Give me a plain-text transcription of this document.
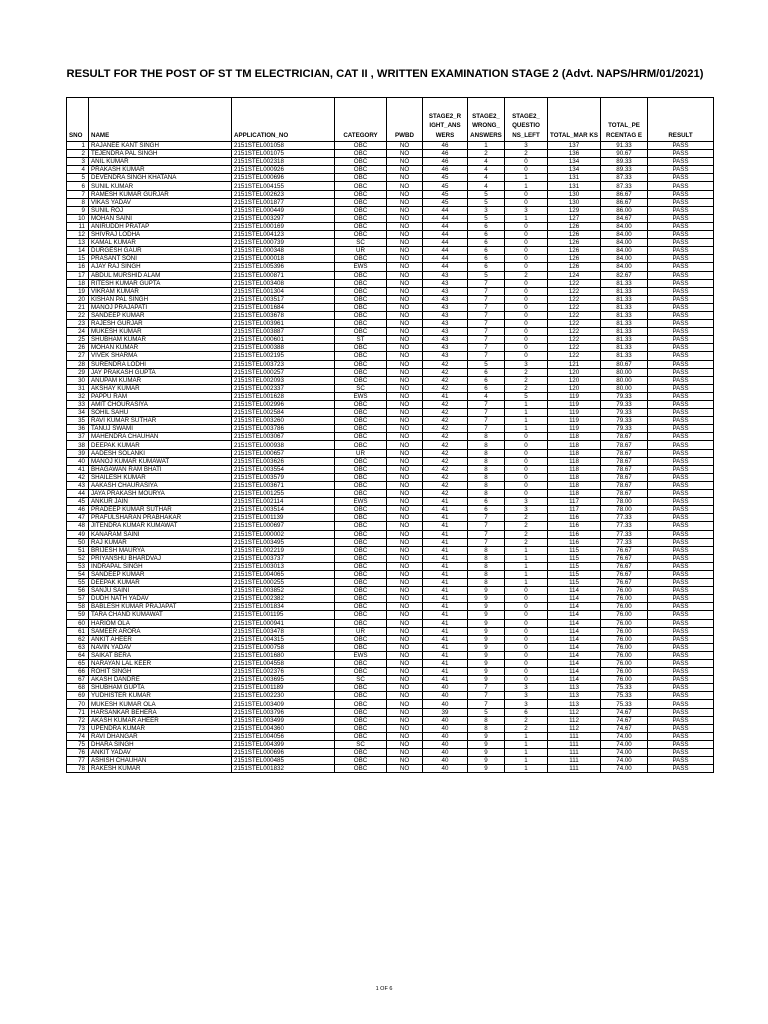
RESULT FOR THE POST OF ST TM ELECTRICIAN, CAT II , WRITTEN EXAMINATION STAGE 2 (Advt. NAPS/HRM/01/2021)
SNO	NAME	APPLICATION_NO	CATEGORY	PWBD	STAGE2_R IGHT_ANS WERS	STAGE2_ WRONG_ ANSWERS	STAGE2_ QUESTIO NS_LEFT	TOTAL_MAR KS	TOTAL_PE RCENTAG E	RESULT
1	RAJANEE KANT SINGH	2151STEL001058	OBC	NO	46	1	3	137	91.33	PASS
2	TEJENDRA PAL SINGH	2151STEL001075	OBC	NO	46	2	2	136	90.67	PASS
3	ANIL KUMAR	2151STEL002318	OBC	NO	46	4	0	134	89.33	PASS
4	PRAKASH KUMAR	2151STEL000926	OBC	NO	46	4	0	134	89.33	PASS
5	DEVENDRA SINGH KHATANA	2151STEL000696	OBC	NO	45	4	1	131	87.33	PASS
6	SUNIL KUMAR	2151STEL004155	OBC	NO	45	4	1	131	87.33	PASS
7	RAMESH KUMAR GURJAR	2151STEL002623	OBC	NO	45	5	0	130	86.67	PASS
8	VIKAS YADAV	2151STEL001877	OBC	NO	45	5	0	130	86.67	PASS
9	SUNIL ROJ	2151STEL000449	OBC	NO	44	3	3	129	86.00	PASS
10	MOHAN SAINI	2151STEL003297	OBC	NO	44	5	1	127	84.67	PASS
11	ANIRUDDH PRATAP	2151STEL000169	OBC	NO	44	6	0	126	84.00	PASS
12	SHIVRAJ LODHA	2151STEL004123	OBC	NO	44	6	0	126	84.00	PASS
13	KAMAL KUMAR	2151STEL000739	SC	NO	44	6	0	126	84.00	PASS
14	DURGESH GAUR	2151STEL000348	UR	NO	44	6	0	126	84.00	PASS
15	PRASANT SONI	2151STEL000018	OBC	NO	44	6	0	126	84.00	PASS
16	AJAY RAJ SINGH	2151STEL005396	EWS	NO	44	6	0	126	84.00	PASS
17	ABDUL MURSHID ALAM	2151STEL000871	OBC	NO	43	5	2	124	82.67	PASS
18	RITESH KUMAR GUPTA	2151STEL003408	OBC	NO	43	7	0	122	81.33	PASS
19	VIKRAM KUMAR	2151STEL001304	OBC	NO	43	7	0	122	81.33	PASS
20	KISHAN PAL SINGH	2151STEL003517	OBC	NO	43	7	0	122	81.33	PASS
21	MANOJ PRAJAPATI	2151STEL001684	OBC	NO	43	7	0	122	81.33	PASS
22	SANDEEP KUMAR	2151STEL003678	OBC	NO	43	7	0	122	81.33	PASS
23	RAJESH GURJAR	2151STEL003961	OBC	NO	43	7	0	122	81.33	PASS
24	MUKESH KUMAR	2151STEL003887	OBC	NO	43	7	0	122	81.33	PASS
25	SHUBHAM KUMAR	2151STEL000601	ST	NO	43	7	0	122	81.33	PASS
26	MOHAN KUMAR	2151STEL000388	OBC	NO	43	7	0	122	81.33	PASS
27	VIVEK SHARMA	2151STEL002195	OBC	NO	43	7	0	122	81.33	PASS
28	SURENDRA LODHI	2151STEL003723	OBC	NO	42	5	3	121	80.67	PASS
29	JAY PRAKASH GUPTA	2151STEL000257	OBC	NO	42	6	2	120	80.00	PASS
30	ANUPAM KUMAR	2151STEL002093	OBC	NO	42	6	2	120	80.00	PASS
31	AKSHAY KUMAR	2151STEL002337	SC	NO	42	6	2	120	80.00	PASS
32	PAPPU RAM	2151STEL001628	EWS	NO	41	4	5	119	79.33	PASS
33	AMIT CHOURASIYA	2151STEL002996	OBC	NO	42	7	1	119	79.33	PASS
34	SOHIL SAHU	2151STEL002584	OBC	NO	42	7	1	119	79.33	PASS
35	RAVI KUMAR SUTHAR	2151STEL003260	OBC	NO	42	7	1	119	79.33	PASS
36	TANUJ SWAMI	2151STEL003786	OBC	NO	42	7	1	119	79.33	PASS
37	MAHENDRA CHAUHAN	2151STEL003067	OBC	NO	42	8	0	118	78.67	PASS
38	DEEPAK KUMAR	2151STEL000938	OBC	NO	42	8	0	118	78.67	PASS
39	AADESH SOLANKI	2151STEL000657	UR	NO	42	8	0	118	78.67	PASS
40	MANOJ KUMAR KUMAWAT	2151STEL003626	OBC	NO	42	8	0	118	78.67	PASS
41	BHAGAWAN RAM BHATI	2151STEL003554	OBC	NO	42	8	0	118	78.67	PASS
42	SHAILESH KUMAR	2151STEL003579	OBC	NO	42	8	0	118	78.67	PASS
43	AAKASH CHAURASIYA	2151STEL003671	OBC	NO	42	8	0	118	78.67	PASS
44	JAYA PRAKASH MOURYA	2151STEL001255	OBC	NO	42	8	0	118	78.67	PASS
45	ANKUR JAIN	2151STEL002114	EWS	NO	41	6	3	117	78.00	PASS
46	PRADEEP KUMAR SUTHAR	2151STEL003514	OBC	NO	41	6	3	117	78.00	PASS
47	PRAFULSHARAN PRABHAKAR	2151STEL001139	OBC	NO	41	7	2	116	77.33	PASS
48	JITENDRA KUMAR KUMAWAT	2151STEL000697	OBC	NO	41	7	2	116	77.33	PASS
49	KANARAM SAINI	2151STEL000002	OBC	NO	41	7	2	116	77.33	PASS
50	RAJ KUMAR	2151STEL003495	OBC	NO	41	7	2	116	77.33	PASS
51	BRIJESH MAURYA	2151STEL002219	OBC	NO	41	8	1	115	76.67	PASS
52	PRIYANSHU BHARDVAJ	2151STEL003737	OBC	NO	41	8	1	115	76.67	PASS
53	INDRAPAL SINGH	2151STEL003013	OBC	NO	41	8	1	115	76.67	PASS
54	SANDEEP KUMAR	2151STEL004065	OBC	NO	41	8	1	115	76.67	PASS
55	DEEPAK KUMAR	2151STEL000255	OBC	NO	41	8	1	115	76.67	PASS
56	SANJU SAINI	2151STEL003852	OBC	NO	41	9	0	114	76.00	PASS
57	DUDH NATH YADAV	2151STEL002382	OBC	NO	41	9	0	114	76.00	PASS
58	BABLESH KUMAR PRAJAPAT	2151STEL001834	OBC	NO	41	9	0	114	76.00	PASS
59	TARA CHAND KUMAWAT	2151STEL001195	OBC	NO	41	9	0	114	76.00	PASS
60	HARIOM OLA	2151STEL000941	OBC	NO	41	9	0	114	76.00	PASS
61	SAMEER ARORA	2151STEL003478	UR	NO	41	9	0	114	76.00	PASS
62	ANKIT AHEER	2151STEL004315	OBC	NO	41	9	0	114	76.00	PASS
63	NAVIN YADAV	2151STEL000758	OBC	NO	41	9	0	114	76.00	PASS
64	SAIKAT BERA	2151STEL001680	EWS	NO	41	9	0	114	76.00	PASS
65	NARAYAN LAL KEER	2151STEL004558	OBC	NO	41	9	0	114	76.00	PASS
66	ROHIT SINGH	2151STEL002376	OBC	NO	41	9	0	114	76.00	PASS
67	AKASH DANDRE	2151STEL003695	SC	NO	41	9	0	114	76.00	PASS
68	SHUBHAM GUPTA	2151STEL001189	OBC	NO	40	7	3	113	75.33	PASS
69	YUDHISTER KUMAR	2151STEL002230	OBC	NO	40	7	3	113	75.33	PASS
70	MUKESH KUMAR OLA	2151STEL003409	OBC	NO	40	7	3	113	75.33	PASS
71	HARSANKAR BEHERA	2151STEL003796	OBC	NO	39	5	6	112	74.67	PASS
72	AKASH KUMAR AHEER	2151STEL003499	OBC	NO	40	8	2	112	74.67	PASS
73	UPENDRA KUMAR	2151STEL004360	OBC	NO	40	8	2	112	74.67	PASS
74	RAVI DHANGAR	2151STEL004056	OBC	NO	40	9	1	111	74.00	PASS
75	DHARA SINGH	2151STEL004399	SC	NO	40	9	1	111	74.00	PASS
76	ANKIT YADAV	2151STEL000696	OBC	NO	40	9	1	111	74.00	PASS
77	ASHISH CHAUHAN	2151STEL000485	OBC	NO	40	9	1	111	74.00	PASS
78	RAKESH KUMAR	2151STEL001832	OBC	NO	40	9	1	111	74.00	PASS
1 OF 6
